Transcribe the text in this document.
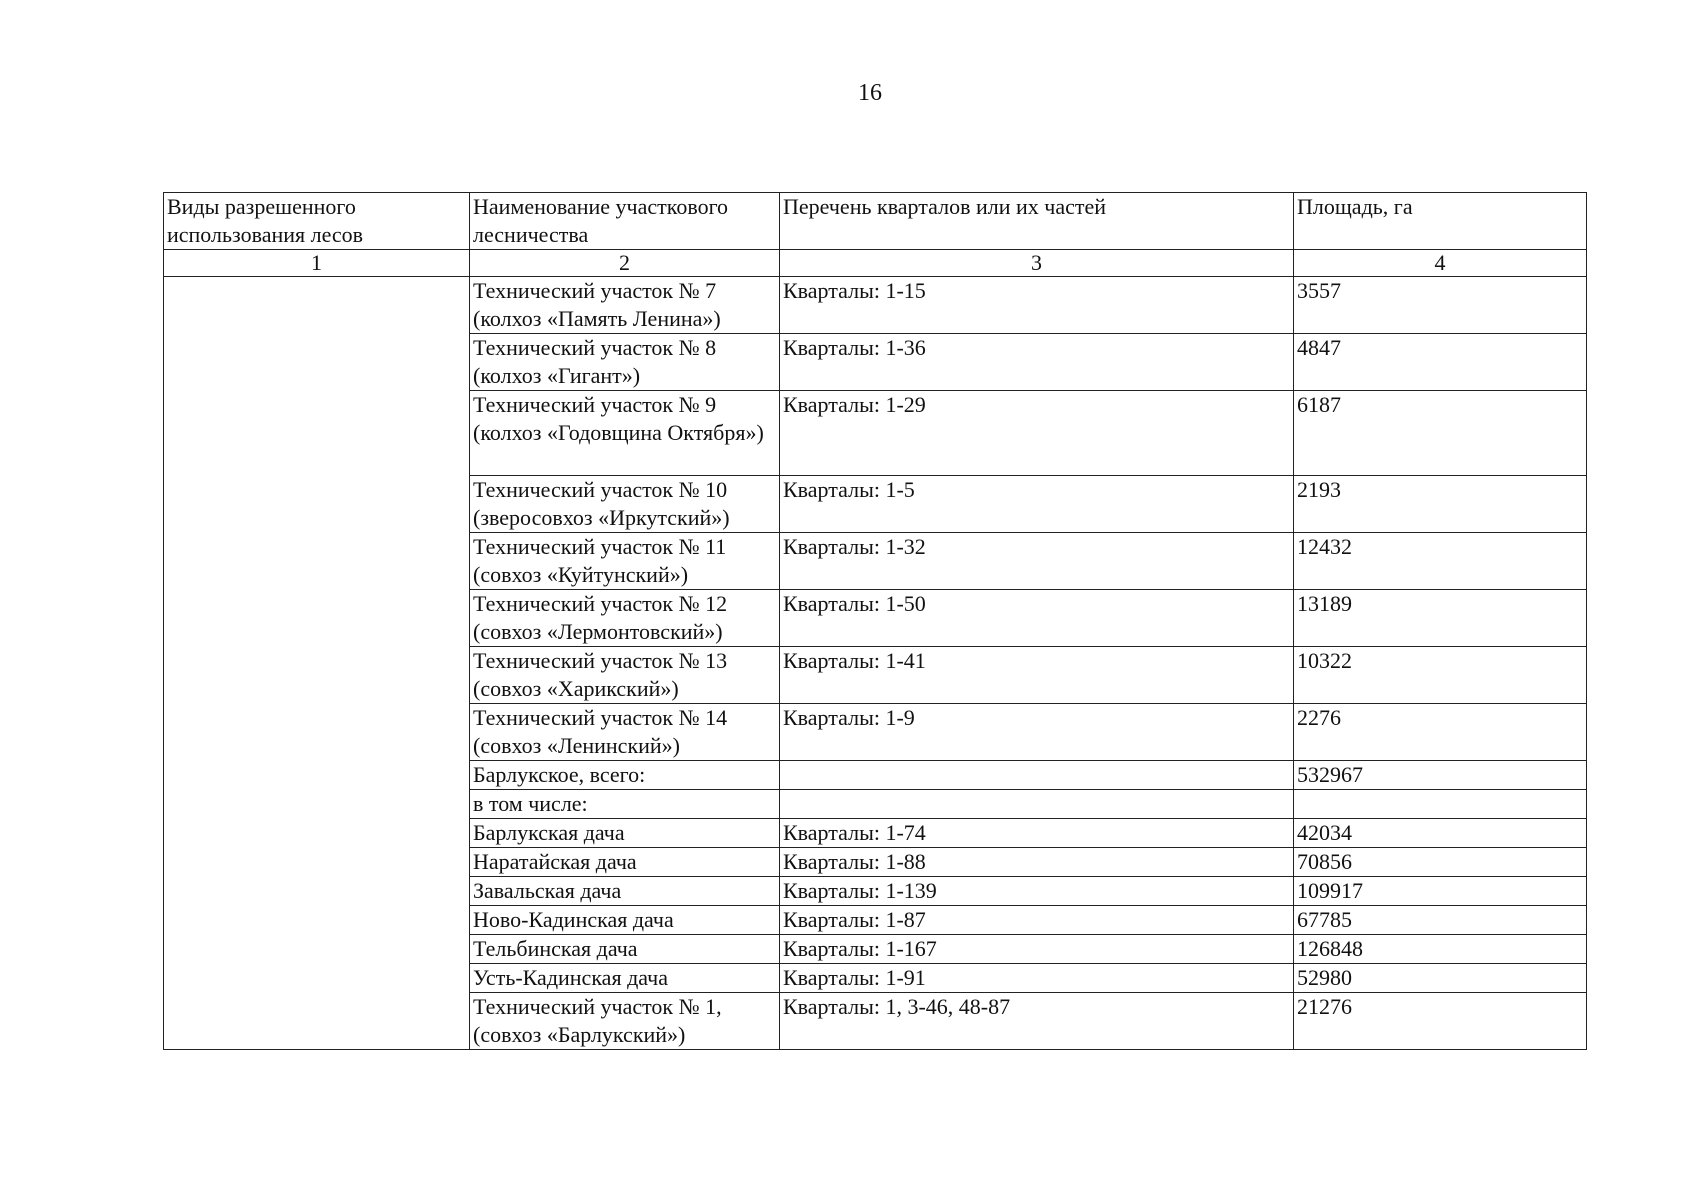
16
Виды разрешенного использования лесов	Наименование участкового лесничества	Перечень кварталов или их частей	Площадь, га
1	2	3	4
	Технический участок № 7 (колхоз «Память Ленина»)	Кварталы: 1-15	3557
	Технический участок № 8 (колхоз «Гигант»)	Кварталы: 1-36	4847
	Технический участок № 9 (колхоз «Годовщина Октября»)	Кварталы: 1-29	6187
	Технический участок № 10 (зверосовхоз «Иркутский»)	Кварталы: 1-5	2193
	Технический участок № 11 (совхоз «Куйтунский»)	Кварталы: 1-32	12432
	Технический участок № 12 (совхоз «Лермонтовский»)	Кварталы: 1-50	13189
	Технический участок № 13 (совхоз «Харикский»)	Кварталы: 1-41	10322
	Технический участок № 14 (совхоз «Ленинский»)	Кварталы: 1-9	2276
	Барлукское, всего:		532967
	в том числе:		
	Барлукская дача	Кварталы: 1-74	42034
	Наратайская дача	Кварталы: 1-88	70856
	Завальская дача	Кварталы: 1-139	109917
	Ново-Кадинская дача	Кварталы: 1-87	67785
	Тельбинская дача	Кварталы: 1-167	126848
	Усть-Кадинская дача	Кварталы: 1-91	52980
	Технический участок № 1, (совхоз «Барлукский»)	Кварталы: 1, 3-46, 48-87	21276
